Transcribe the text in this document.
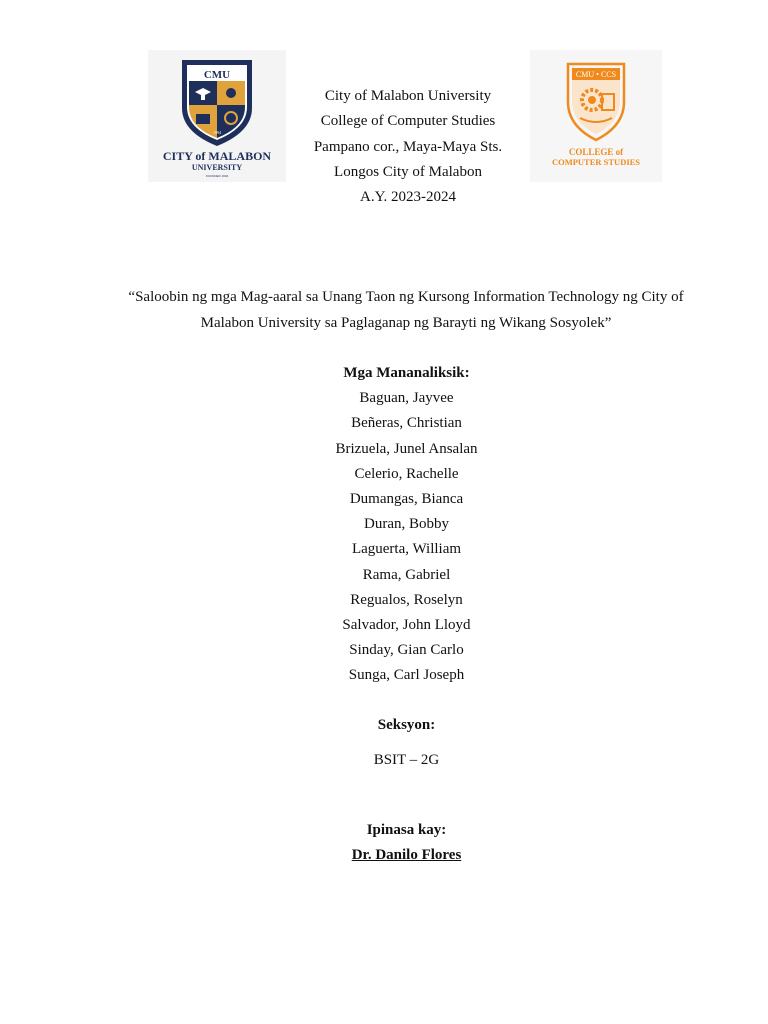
CMU
1994
CITY of MALABON
UNIVERSITY
FOUNDED 1994
CMU • CCS
COLLEGE of
COMPUTER STUDIES
City of Malabon University
College of Computer Studies
Pampano cor., Maya-Maya Sts.
Longos City of Malabon
A.Y. 2023-2024
“Saloobin ng mga Mag-aaral sa Unang Taon ng Kursong Information Technology ng City of Malabon University sa Paglaganap ng Barayti ng Wikang Sosyolek”
Mga Mananaliksik:
Baguan, Jayvee
Beñeras, Christian
Brizuela, Junel Ansalan
Celerio, Rachelle
Dumangas, Bianca
Duran, Bobby
Laguerta, William
Rama, Gabriel
Regualos, Roselyn
Salvador, John Lloyd
Sinday, Gian Carlo
Sunga, Carl Joseph
Seksyon:
BSIT – 2G
Ipinasa kay:
Dr. Danilo Flores
